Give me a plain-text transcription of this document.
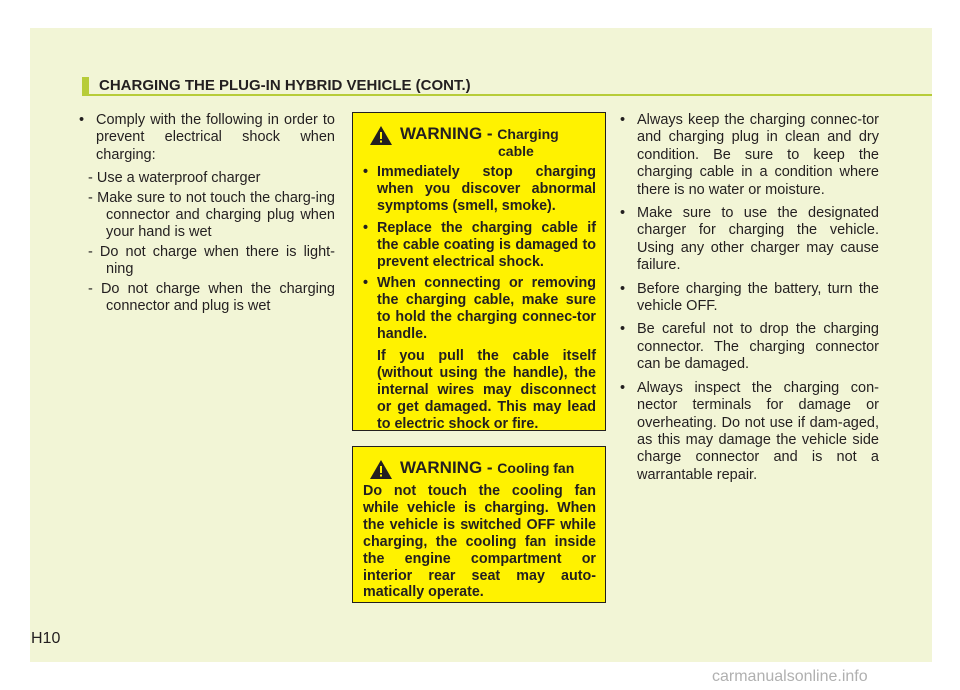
CHARGING THE PLUG-IN HYBRID VEHICLE (CONT.)

• Comply with the following in order to prevent electrical shock when charging:

- Use a waterproof charger

- Make sure to not touch the charg-ing connector and charging plug when your hand is wet

- Do not charge when there is light-ning

- Do not charge when the charging connector and plug is wet

WARNING - Charging
cable

• Immediately stop charging when you discover abnormal symptoms (smell, smoke).

• Replace the charging cable if the cable coating is damaged to prevent electrical shock.

• When connecting or removing the charging cable, make sure to hold the charging connec-tor handle.

If you pull the cable itself (without using the handle), the internal wires may disconnect or get damaged. This may lead to electric shock or fire.

WARNING - Cooling fan

Do not touch the cooling fan while vehicle is charging. When the vehicle is switched OFF while charging, the cooling fan inside the engine compartment or interior rear seat may auto-matically operate.

• Always keep the charging connec-tor and charging plug in clean and dry condition. Be sure to keep the charging cable in a condition where there is no water or moisture.

• Make sure to use the designated charger for charging the vehicle. Using any other charger may cause failure.

• Before charging the battery, turn the vehicle OFF.

• Be careful not to drop the charging connector. The charging connector can be damaged.

• Always inspect the charging con-nector terminals for damage or overheating. Do not use if dam-aged, as this may damage the vehicle side charge connector and is not a warrantable repair.

H10
carmanualsonline.info
